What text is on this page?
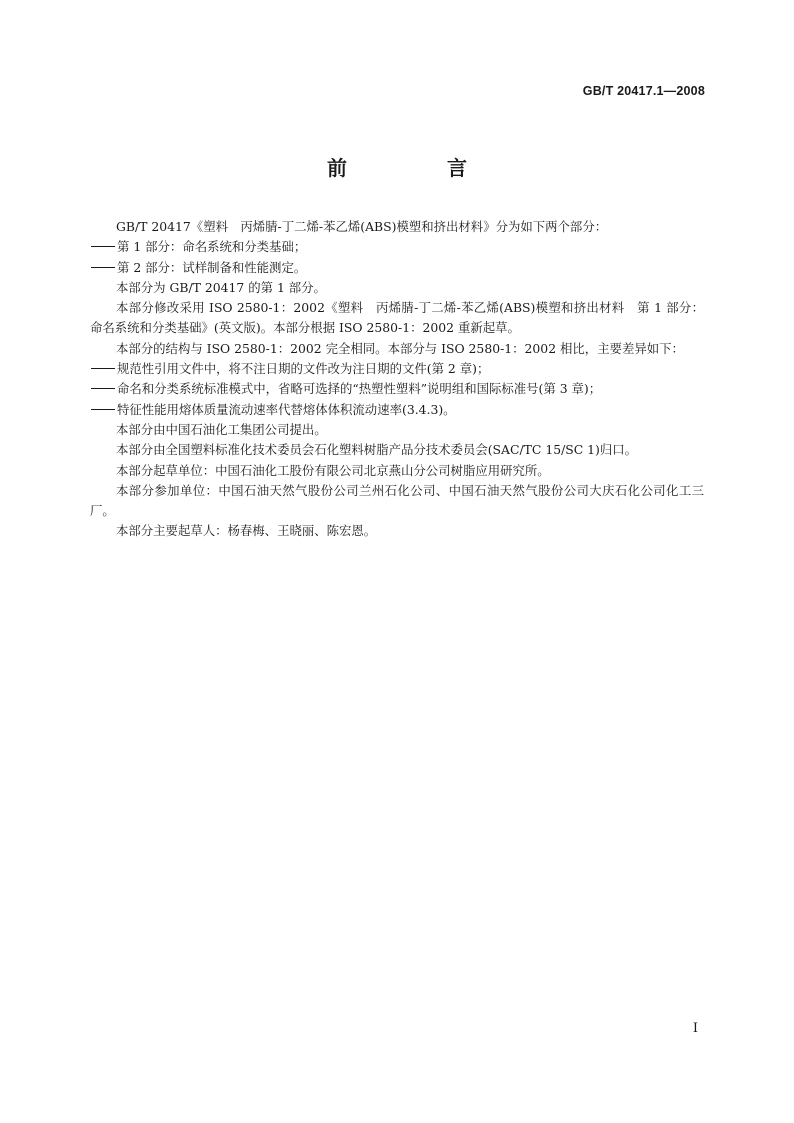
GB/T 20417.1—2008
前　言

GB/T 20417《塑料　丙烯腈-丁二烯-苯乙烯(ABS)模塑和挤出材料》分为如下两个部分：

第 1 部分：命名系统和分类基础；

第 2 部分：试样制备和性能测定。

本部分为 GB/T 20417 的第 1 部分。

本部分修改采用 ISO 2580-1：2002《塑料　丙烯腈-丁二烯-苯乙烯(ABS)模塑和挤出材料　第 1 部分：命名系统和分类基础》(英文版)。本部分根据 ISO 2580-1：2002 重新起草。

本部分的结构与 ISO 2580-1：2002 完全相同。本部分与 ISO 2580-1：2002 相比，主要差异如下：

规范性引用文件中，将不注日期的文件改为注日期的文件(第 2 章)；

命名和分类系统标准模式中，省略可选择的“热塑性塑料”说明组和国际标准号(第 3 章)；

特征性能用熔体质量流动速率代替熔体体积流动速率(3.4.3)。

本部分由中国石油化工集团公司提出。

本部分由全国塑料标准化技术委员会石化塑料树脂产品分技术委员会(SAC/TC 15/SC 1)归口。

本部分起草单位：中国石油化工股份有限公司北京燕山分公司树脂应用研究所。

本部分参加单位：中国石油天然气股份公司兰州石化公司、中国石油天然气股份公司大庆石化公司化工三厂。

本部分主要起草人：杨春梅、王晓丽、陈宏恩。

I
